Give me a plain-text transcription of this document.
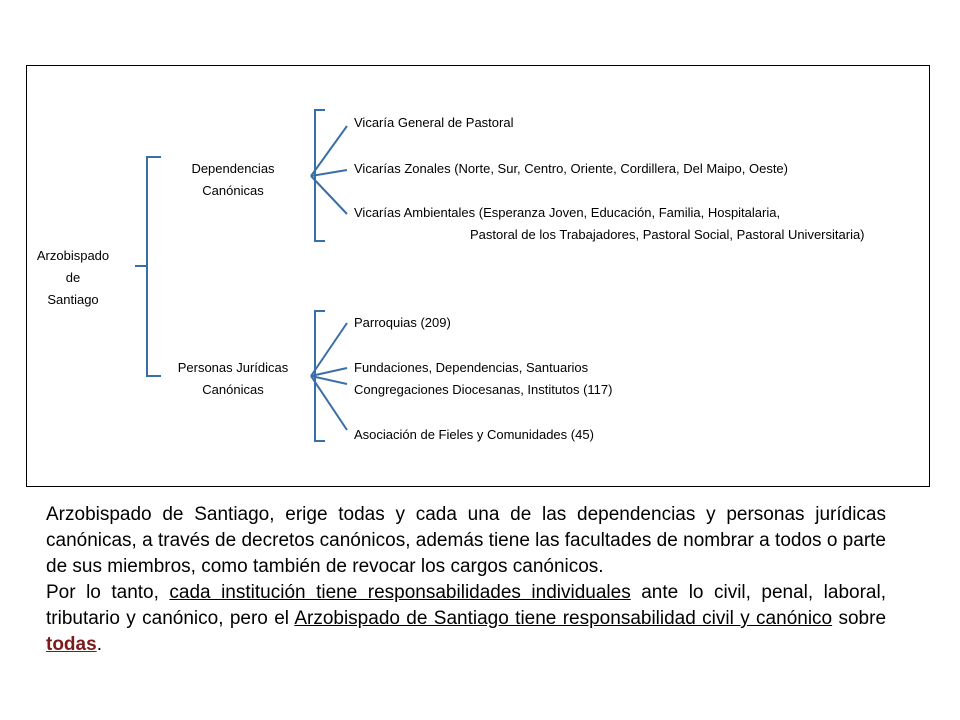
Arzobispado
de
Santiago
Dependencias
Canónicas
Vicaría General de Pastoral
Vicarías Zonales (Norte, Sur, Centro, Oriente, Cordillera, Del Maipo, Oeste)
Vicarías Ambientales (Esperanza Joven, Educación, Familia, Hospitalaria,
Pastoral de los Trabajadores, Pastoral Social, Pastoral Universitaria)
Personas Jurídicas
Canónicas
Parroquias (209)
Fundaciones, Dependencias, Santuarios
Congregaciones Diocesanas, Institutos (117)
Asociación de Fieles y Comunidades (45)

Arzobispado de Santiago, erige todas y cada una de las dependencias y personas jurídicas canónicas, a través de decretos canónicos, además tiene las facultades de nombrar a todos o parte de sus miembros, como también de revocar los cargos canónicos.

Por lo tanto, cada institución tiene responsabilidades individuales ante lo civil, penal, laboral, tributario y canónico, pero el Arzobispado de Santiago tiene responsabilidad civil y canónico sobre todas.
